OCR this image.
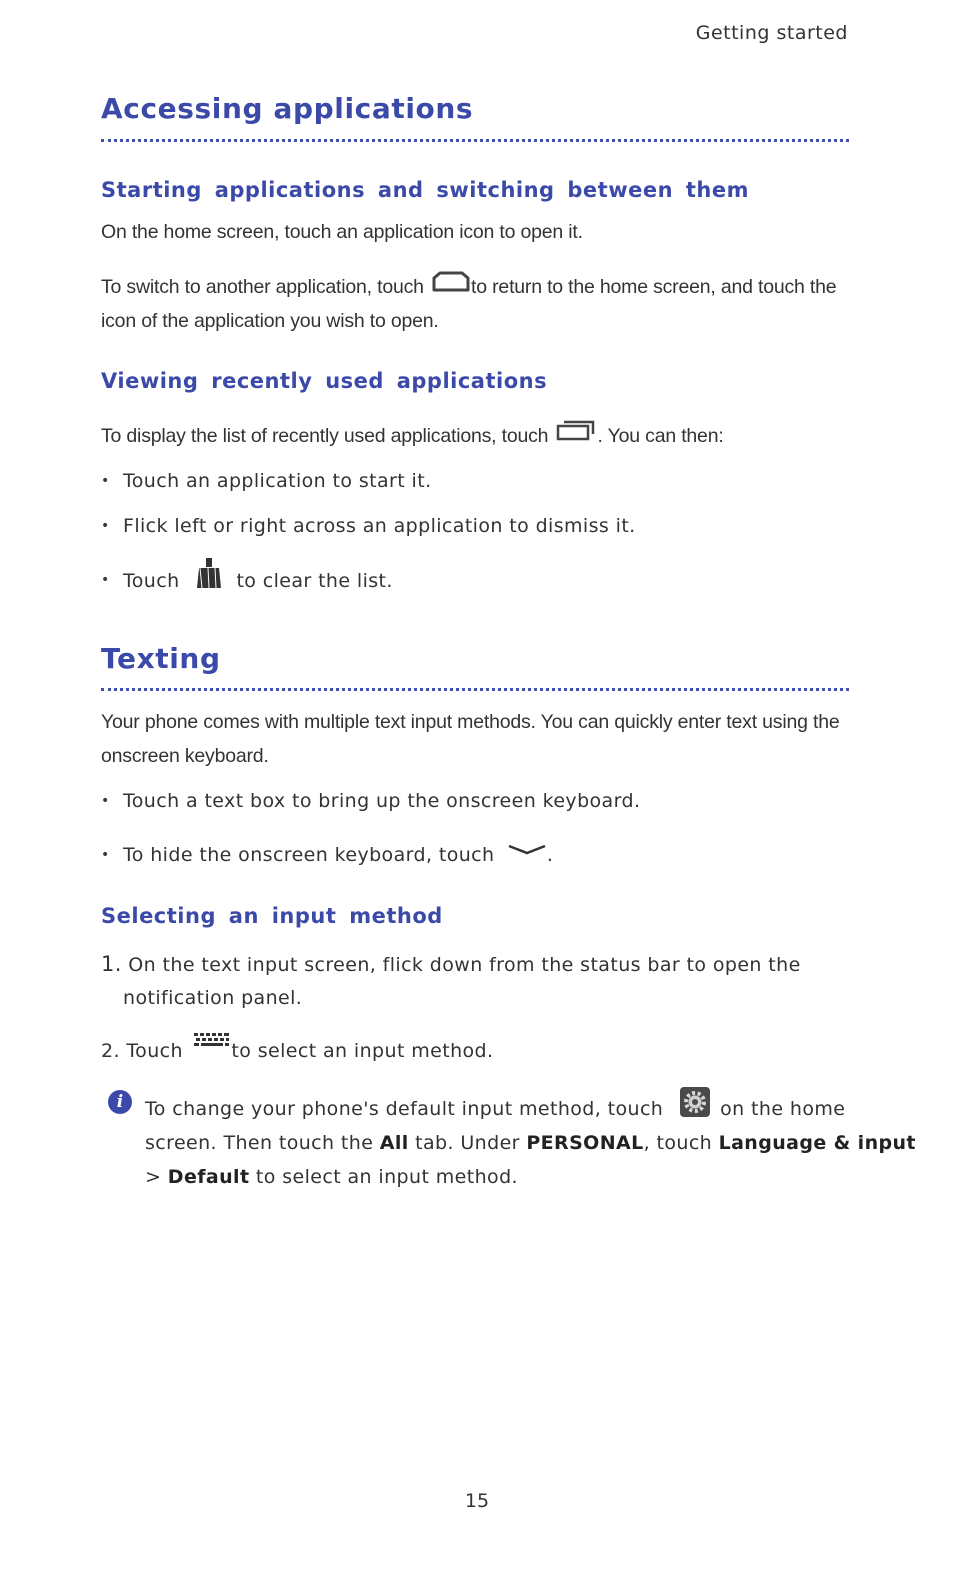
Getting started
Accessing applications
Starting applications and switching between them
On the home screen, touch an application icon to open it.
To switch to another application, touch to return to the home screen, and touch the
icon of the application you wish to open.
Viewing recently used applications
To display the list of recently used applications, touch	. You can then:
• Touch an application to start it.
• Flick left or right across an application to dismiss it.
• Touch	to clear the list.
Texting
Your phone comes with multiple text input methods. You can quickly enter text using the
onscreen keyboard.
• Touch a text box to bring up the onscreen keyboard.
• To hide the onscreen keyboard, touch	.
Selecting an input method
1. On the text input screen, flick down from the status bar to open the
notification panel.
2. Touch	to select an input method.
i	To change your phone's default input method, touch	on the home
screen. Then touch the All tab. Under PERSONAL, touch Language & input
> Default to select an input method.
15
